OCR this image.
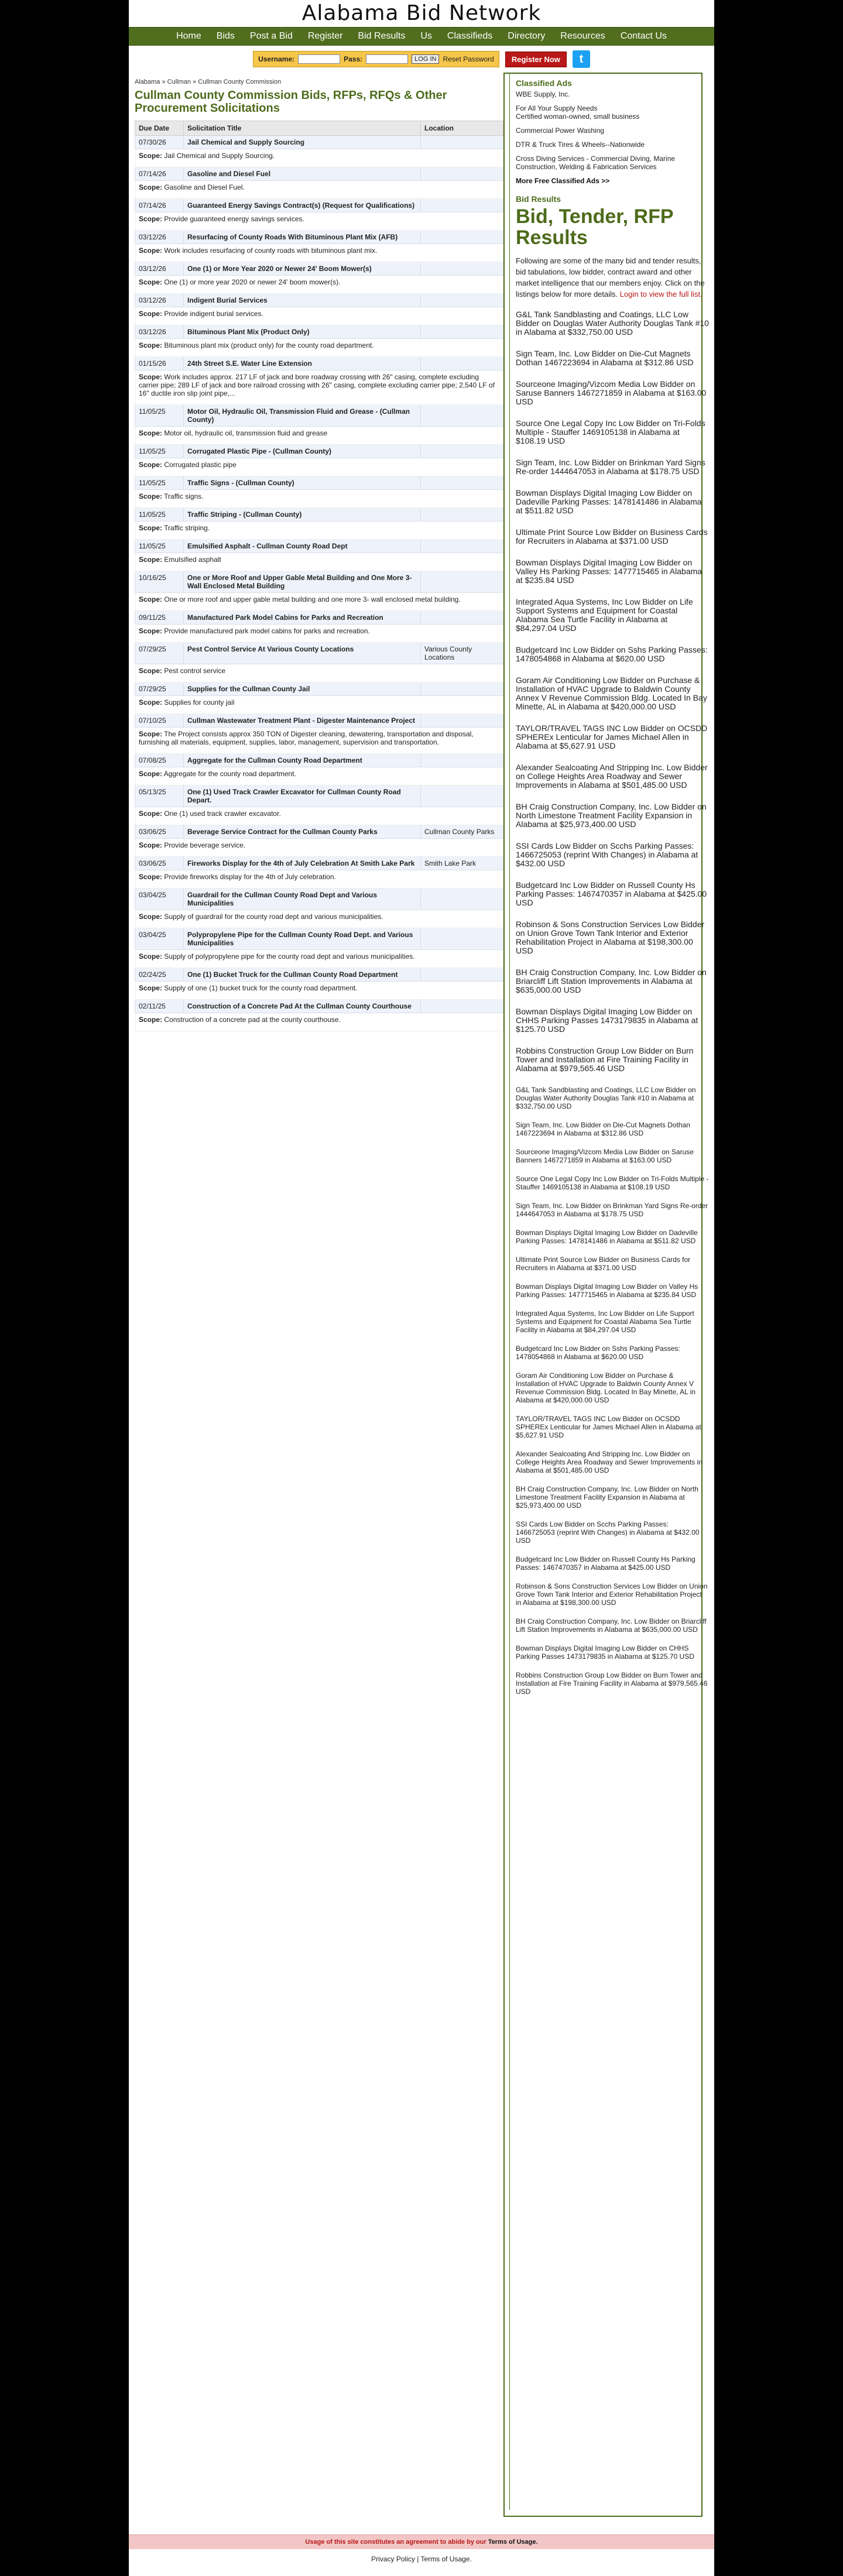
Alabama Bid Network
Home Bids Post a Bid Register Bid Results Us Classifieds Directory Resources Contact Us
Username:	Pass:	LOG IN Reset Password	Register Now	t
Alabama » Cullman » Cullman County Commission
Cullman County Commission Bids, RFPs, RFQs & Other Procurement Solicitations
Due Date	Solicitation Title	Location
07/30/26	Jail Chemical and Supply Sourcing	
Scope: Jail Chemical and Supply Sourcing.		
07/14/26	Gasoline and Diesel Fuel	
Scope: Gasoline and Diesel Fuel.		
07/14/26	Guaranteed Energy Savings Contract(s) (Request for Qualifications)	
Scope: Provide guaranteed energy savings services.		
03/12/26	Resurfacing of County Roads With Bituminous Plant Mix (AFB)	
Scope: Work includes resurfacing of county roads with bituminous plant mix.		
03/12/26	One (1) or More Year 2020 or Newer 24' Boom Mower(s)	
Scope: One (1) or more year 2020 or newer 24' boom mower(s).		
03/12/26	Indigent Burial Services	
Scope: Provide indigent burial services.		
03/12/26	Bituminous Plant Mix (Product Only)	
Scope: Bituminous plant mix (product only) for the county road department.		
01/15/26	24th Street S.E. Water Line Extension	
Scope: Work includes approx. 217 LF of jack and bore roadway crossing with 26" casing, complete excluding carrier pipe; 289 LF of jack and bore railroad crossing with 26" casing, complete excluding carrier pipe; 2,540 LF of 16" ductile iron slip joint pipe,...		
11/05/25	Motor Oil, Hydraulic Oil, Transmission Fluid and Grease - (Cullman County)	
Scope: Motor oil, hydraulic oil, transmission fluid and grease		
11/05/25	Corrugated Plastic Pipe - (Cullman County)	
Scope: Corrugated plastic pipe		
11/05/25	Traffic Signs - (Cullman County)	
Scope: Traffic signs.		
11/05/25	Traffic Striping - (Cullman County)	
Scope: Traffic striping.		
11/05/25	Emulsified Asphalt - Cullman County Road Dept	
Scope: Emulsified asphalt		
10/16/25	One or More Roof and Upper Gable Metal Building and One More 3- Wall Enclosed Metal Building	
Scope: One or more roof and upper gable metal building and one more 3- wall enclosed metal building.		
09/11/25	Manufactured Park Model Cabins for Parks and Recreation	
Scope: Provide manufactured park model cabins for parks and recreation.		
07/29/25	Pest Control Service At Various County Locations	Various County Locations
Scope: Pest control service		
07/29/25	Supplies for the Cullman County Jail	
Scope: Supplies for county jail		
07/10/25	Cullman Wastewater Treatment Plant - Digester Maintenance Project	
Scope: The Project consists approx 350 TON of Digester cleaning, dewatering, transportation and disposal, furnishing all materials, equipment, supplies, labor, management, supervision and transportation.		
07/08/25	Aggregate for the Cullman County Road Department	
Scope: Aggregate for the county road department.		
05/13/25	One (1) Used Track Crawler Excavator for Cullman County Road Depart.	
Scope: One (1) used track crawler excavator.		
03/06/25	Beverage Service Contract for the Cullman County Parks	Cullman County Parks
Scope: Provide beverage service.		
03/06/25	Fireworks Display for the 4th of July Celebration At Smith Lake Park	Smith Lake Park
Scope: Provide fireworks display for the 4th of July celebration.		
03/04/25	Guardrail for the Cullman County Road Dept and Various Municipalities	
Scope: Supply of guardrail for the county road dept and various municipalities.		
03/04/25	Polypropylene Pipe for the Cullman County Road Dept. and Various Municipalities	
Scope: Supply of polypropylene pipe for the county road dept and various municipalities.		
02/24/25	One (1) Bucket Truck for the Cullman County Road Department	
Scope: Supply of one (1) bucket truck for the county road department.		
02/11/25	Construction of a Concrete Pad At the Cullman County Courthouse	
Scope: Construction of a concrete pad at the county courthouse.		
Classified Ads
WBE Supply, Inc.
For All Your Supply Needs
Certified woman-owned, small business
Commercial Power Washing
DTR & Truck Tires & Wheels--Nationwide
Cross Diving Services - Commercial Diving, Marine Construction, Welding & Fabrication Services
More Free Classified Ads >>
Bid Results
Bid, Tender, RFP Results
Following are some of the many bid and tender results, bid tabulations, low bidder, contract award and other market intelligence that our members enjoy. Click on the listings below for more details. Login to view the full list.
G&L Tank Sandblasting and Coatings, LLC Low Bidder on Douglas Water Authority Douglas Tank #10 in Alabama at $332,750.00 USD
Sign Team, Inc. Low Bidder on Die-Cut Magnets Dothan 1467223694 in Alabama at $312.86 USD
Sourceone Imaging/Vizcom Media Low Bidder on Saruse Banners 1467271859 in Alabama at $163.00 USD
Source One Legal Copy Inc Low Bidder on Tri-Folds Multiple - Stauffer 1469105138 in Alabama at $108.19 USD
Sign Team, Inc. Low Bidder on Brinkman Yard Signs Re-order 1444647053 in Alabama at $178.75 USD
Bowman Displays Digital Imaging Low Bidder on Dadeville Parking Passes: 1478141486 in Alabama at $511.82 USD
Ultimate Print Source Low Bidder on Business Cards for Recruiters in Alabama at $371.00 USD
Bowman Displays Digital Imaging Low Bidder on Valley Hs Parking Passes: 1477715465 in Alabama at $235.84 USD
Integrated Aqua Systems, Inc Low Bidder on Life Support Systems and Equipment for Coastal Alabama Sea Turtle Facility in Alabama at $84,297.04 USD
Budgetcard Inc Low Bidder on Sshs Parking Passes: 1478054868 in Alabama at $620.00 USD
Goram Air Conditioning Low Bidder on Purchase & Installation of HVAC Upgrade to Baldwin County Annex V Revenue Commission Bldg. Located In Bay Minette, AL in Alabama at $420,000.00 USD
TAYLOR/TRAVEL TAGS INC Low Bidder on OCSDD SPHEREx Lenticular for James Michael Allen in Alabama at $5,627.91 USD
Alexander Sealcoating And Stripping Inc. Low Bidder on College Heights Area Roadway and Sewer Improvements in Alabama at $501,485.00 USD
BH Craig Construction Company, Inc. Low Bidder on North Limestone Treatment Facility Expansion in Alabama at $25,973,400.00 USD
SSI Cards Low Bidder on Scchs Parking Passes: 1466725053 (reprint With Changes) in Alabama at $432.00 USD
Budgetcard Inc Low Bidder on Russell County Hs Parking Passes: 1467470357 in Alabama at $425.00 USD
Robinson & Sons Construction Services Low Bidder on Union Grove Town Tank Interior and Exterior Rehabilitation Project in Alabama at $198,300.00 USD
BH Craig Construction Company, Inc. Low Bidder on Briarcliff Lift Station Improvements in Alabama at $635,000.00 USD
Bowman Displays Digital Imaging Low Bidder on CHHS Parking Passes 1473179835 in Alabama at $125.70 USD
Robbins Construction Group Low Bidder on Burn Tower and Installation at Fire Training Facility in Alabama at $979,565.46 USD
G&L Tank Sandblasting and Coatings, LLC Low Bidder on Douglas Water Authority Douglas Tank #10 in Alabama at $332,750.00 USD
Sign Team, Inc. Low Bidder on Die-Cut Magnets Dothan 1467223694 in Alabama at $312.86 USD
Sourceone Imaging/Vizcom Media Low Bidder on Saruse Banners 1467271859 in Alabama at $163.00 USD
Source One Legal Copy Inc Low Bidder on Tri-Folds Multiple - Stauffer 1469105138 in Alabama at $108.19 USD
Sign Team, Inc. Low Bidder on Brinkman Yard Signs Re-order 1444647053 in Alabama at $178.75 USD
Bowman Displays Digital Imaging Low Bidder on Dadeville Parking Passes: 1478141486 in Alabama at $511.82 USD
Ultimate Print Source Low Bidder on Business Cards for Recruiters in Alabama at $371.00 USD
Bowman Displays Digital Imaging Low Bidder on Valley Hs Parking Passes: 1477715465 in Alabama at $235.84 USD
Integrated Aqua Systems, Inc Low Bidder on Life Support Systems and Equipment for Coastal Alabama Sea Turtle Facility in Alabama at $84,297.04 USD
Budgetcard Inc Low Bidder on Sshs Parking Passes: 1478054868 in Alabama at $620.00 USD
Goram Air Conditioning Low Bidder on Purchase & Installation of HVAC Upgrade to Baldwin County Annex V Revenue Commission Bldg. Located In Bay Minette, AL in Alabama at $420,000.00 USD
TAYLOR/TRAVEL TAGS INC Low Bidder on OCSDD SPHEREx Lenticular for James Michael Allen in Alabama at $5,627.91 USD
Alexander Sealcoating And Stripping Inc. Low Bidder on College Heights Area Roadway and Sewer Improvements in Alabama at $501,485.00 USD
BH Craig Construction Company, Inc. Low Bidder on North Limestone Treatment Facility Expansion in Alabama at $25,973,400.00 USD
SSI Cards Low Bidder on Scchs Parking Passes: 1466725053 (reprint With Changes) in Alabama at $432.00 USD
Budgetcard Inc Low Bidder on Russell County Hs Parking Passes: 1467470357 in Alabama at $425.00 USD
Robinson & Sons Construction Services Low Bidder on Union Grove Town Tank Interior and Exterior Rehabilitation Project in Alabama at $198,300.00 USD
BH Craig Construction Company, Inc. Low Bidder on Briarcliff Lift Station Improvements in Alabama at $635,000.00 USD
Bowman Displays Digital Imaging Low Bidder on CHHS Parking Passes 1473179835 in Alabama at $125.70 USD
Robbins Construction Group Low Bidder on Burn Tower and Installation at Fire Training Facility in Alabama at $979,565.46 USD
Usage of this site constitutes an agreement to abide by our Terms of Usage.
Privacy Policy | Terms of Usage.
